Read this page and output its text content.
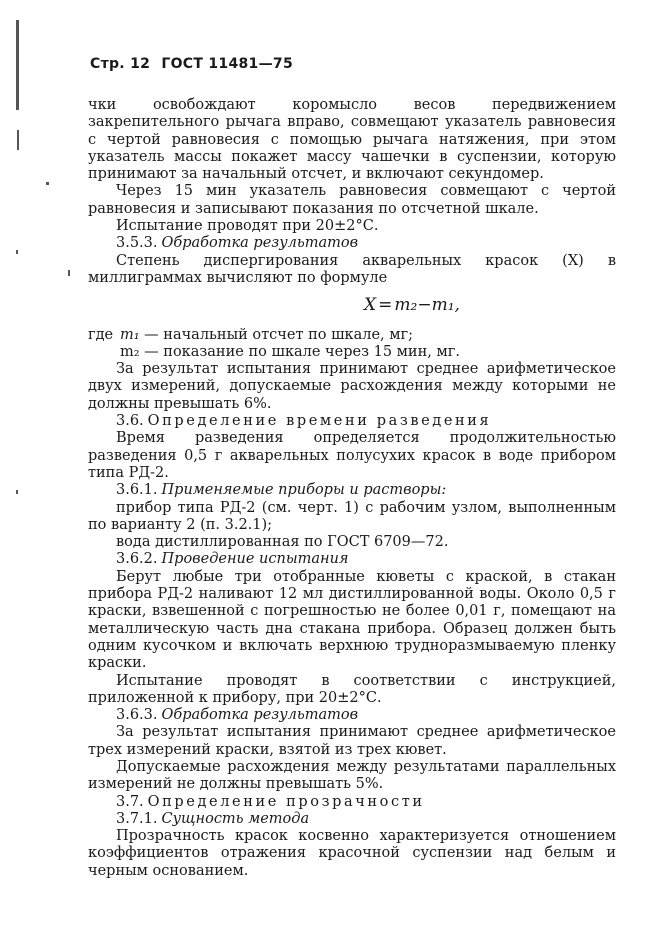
Стр. 12 ГОСТ 11481—75

чки освобождают коромысло весов передвижением закрепительного рычага вправо, совмещают указатель равновесия с чертой равновесия с помощью рычага натяжения, при этом указатель массы покажет массу чашечки в суспензии, которую принимают за начальный отсчет, и включают секундомер.

Через 15 мин указатель равновесия совмещают с чертой равновесия и записывают показания по отсчетной шкале.

Испытание проводят при 20±2°С.

3.5.3. Обработка результатов

Степень диспергирования акварельных красок (X) в миллиграммах вычисляют по формуле

X = m₂−m₁,
где m₁ — начальный отсчет по шкале, мг;
m₂ — показание по шкале через 15 мин, мг.

За результат испытания принимают среднее арифметическое двух измерений, допускаемые расхождения между которыми не должны превышать 6%.

3.6. Определение времени разведения

Время разведения определяется продолжительностью разведения 0,5 г акварельных полусухих красок в воде прибором типа РД-2.

3.6.1. Применяемые приборы и растворы:

прибор типа РД-2 (см. черт. 1) с рабочим узлом, выполненным по варианту 2 (п. 3.2.1);

вода дистиллированная по ГОСТ 6709—72.

3.6.2. Проведение испытания

Берут любые три отобранные кюветы с краской, в стакан прибора РД-2 наливают 12 мл дистиллированной воды. Около 0,5 г краски, взвешенной с погрешностью не более 0,01 г, помещают на металлическую часть дна стакана прибора. Образец должен быть одним кусочком и включать верхнюю трудноразмываемую пленку краски.

Испытание проводят в соответствии с инструкцией, приложенной к прибору, при 20±2°С.

3.6.3. Обработка результатов

За результат испытания принимают среднее арифметическое трех измерений краски, взятой из трех кювет.

Допускаемые расхождения между результатами параллельных измерений не должны превышать 5%.

3.7. Определение прозрачности

3.7.1. Сущность метода

Прозрачность красок косвенно характеризуется отношением коэффициентов отражения красочной суспензии над белым и черным основанием.
